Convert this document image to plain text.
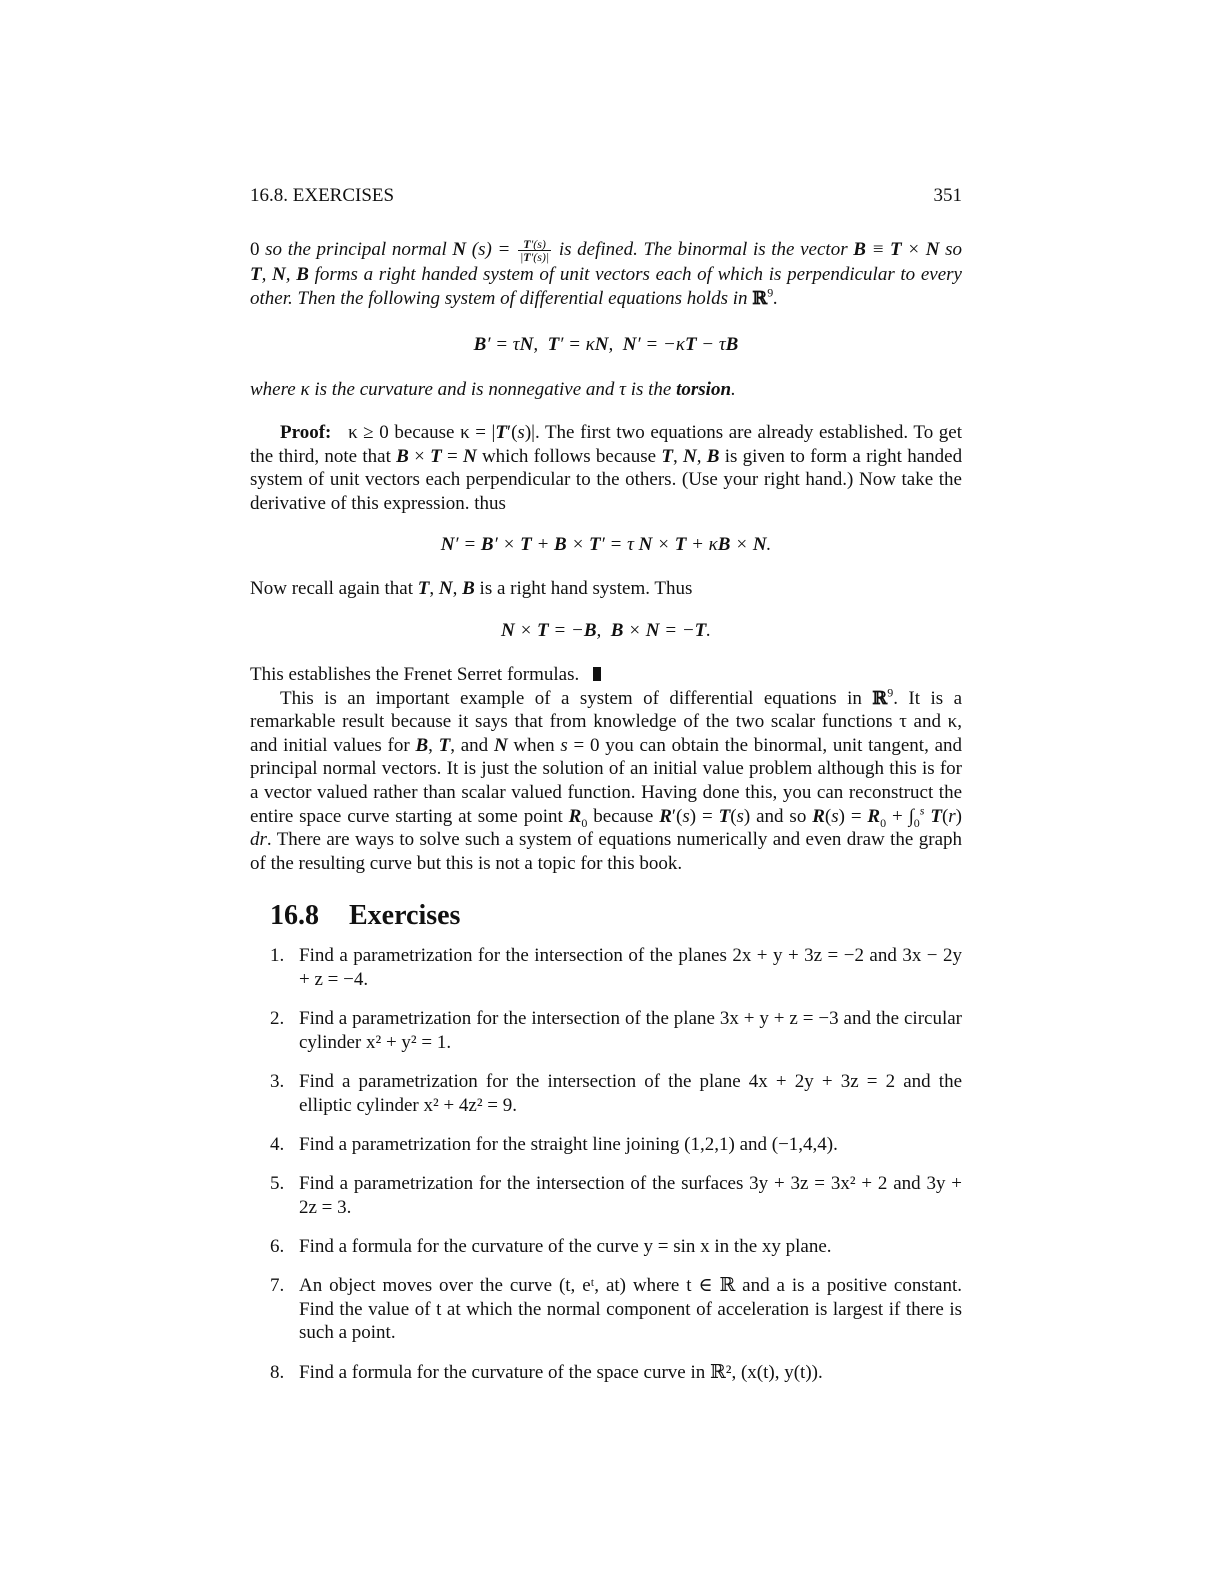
16.8. EXERCISES	351
0 so the principal normal N $(s) = \frac{T'(s)}{|T'(s)|}$ is defined. The binormal is the vector B ≡ T × N so T, N, B forms a right handed system of unit vectors each of which is perpendicular to every other. Then the following system of differential equations holds in ℝ$^9$.
B′ = τN,  T′ = κN,  N′ = −κT − τB
where κ is the curvature and is nonnegative and τ is the torsion.
Proof:   κ ≥ 0 because κ = |T′(s)|. The first two equations are already established. To get the third, note that B × T = N which follows because T, N, B is given to form a right handed system of unit vectors each perpendicular to the others. (Use your right hand.) Now take the derivative of this expression. thus
N′ = B′ × T + B × T′ = τ N × T + κB × N.
Now recall again that T, N, B is a right hand system. Thus
N × T = −B,  B × N = −T.
This establishes the Frenet Serret formulas.
This is an important example of a system of differential equations in ℝ$^9$. It is a remarkable result because it says that from knowledge of the two scalar functions τ and κ, and initial values for B, T, and N when s = 0 you can obtain the binormal, unit tangent, and principal normal vectors. It is just the solution of an initial value problem although this is for a vector valued rather than scalar valued function. Having done this, you can reconstruct the entire space curve starting at some point $R_0$ because R′(s) = T(s) and so $R(s) = R_0 + \int_0^s$ T(r) dr. There are ways to solve such a system of equations numerically and even draw the graph of the resulting curve but this is not a topic for this book.
16.8 Exercises
1. Find a parametrization for the intersection of the planes 2x + y + 3z = −2 and 3x − 2y + z = −4.
2. Find a parametrization for the intersection of the plane 3x + y + z = −3 and the circular cylinder x² + y² = 1.
3. Find a parametrization for the intersection of the plane 4x + 2y + 3z = 2 and the elliptic cylinder x² + 4z² = 9.
4. Find a parametrization for the straight line joining (1,2,1) and (−1,4,4).
5. Find a parametrization for the intersection of the surfaces 3y + 3z = 3x² + 2 and 3y + 2z = 3.
6. Find a formula for the curvature of the curve y = sin x in the xy plane.
7. An object moves over the curve (t, eᵗ, at) where t ∈ ℝ and a is a positive constant. Find the value of t at which the normal component of acceleration is largest if there is such a point.
8. Find a formula for the curvature of the space curve in ℝ², (x(t), y(t)).
